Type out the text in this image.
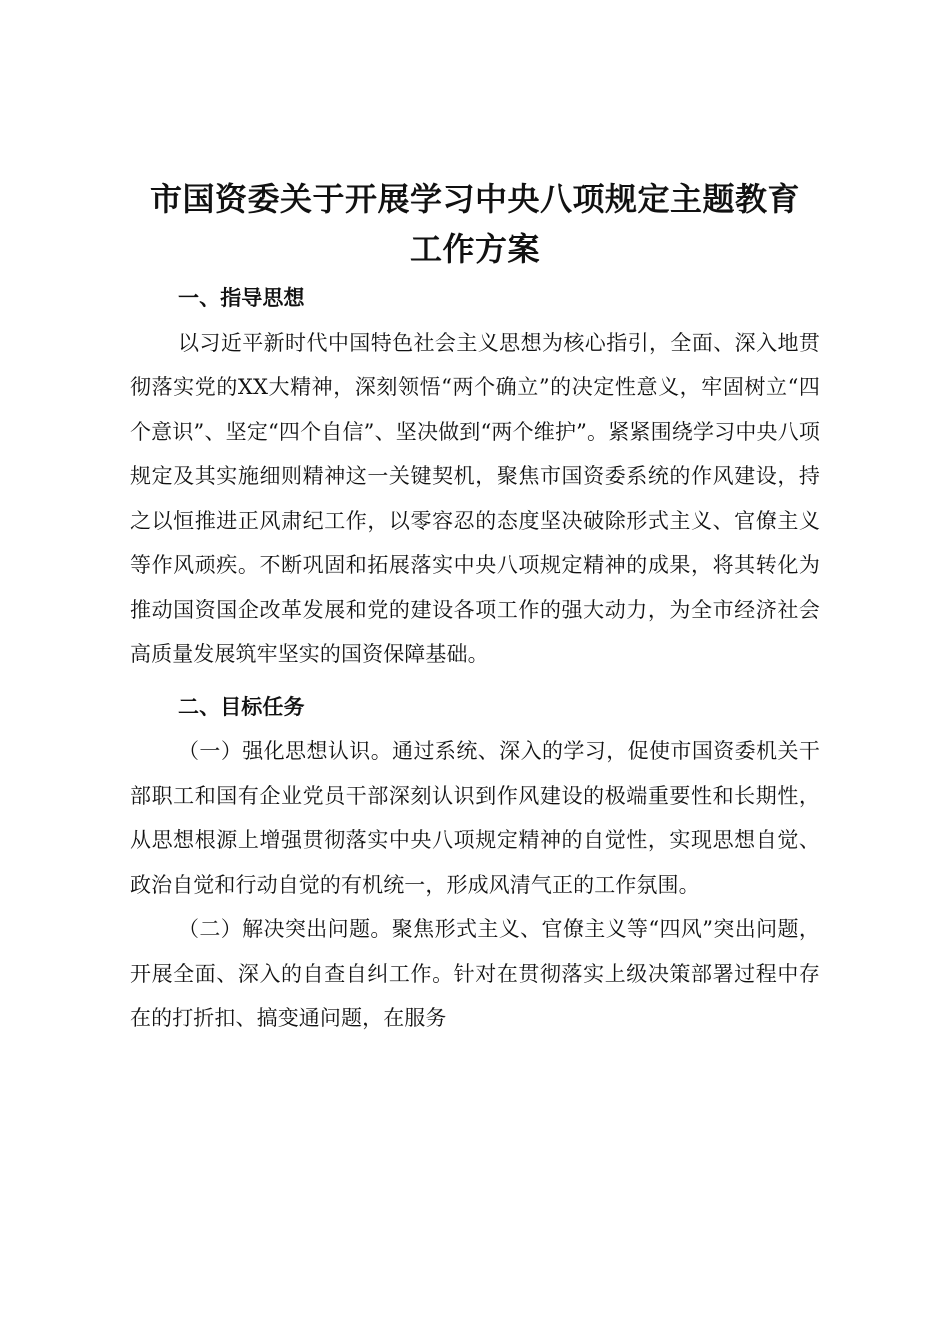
市国资委关于开展学习中央八项规定主题教育
工作方案
一、指导思想

以习近平新时代中国特色社会主义思想为核心指引，全面、深入地贯彻落实党的XX大精神，深刻领悟“两个确立”的决定性意义，牢固树立“四个意识”、坚定“四个自信”、坚决做到“两个维护”。紧紧围绕学习中央八项规定及其实施细则精神这一关键契机，聚焦市国资委系统的作风建设，持之以恒推进正风肃纪工作，以零容忍的态度坚决破除形式主义、官僚主义等作风顽疾。不断巩固和拓展落实中央八项规定精神的成果，将其转化为推动国资国企改革发展和党的建设各项工作的强大动力，为全市经济社会高质量发展筑牢坚实的国资保障基础。

二、目标任务

（一）强化思想认识。通过系统、深入的学习，促使市国资委机关干部职工和国有企业党员干部深刻认识到作风建设的极端重要性和长期性，从思想根源上增强贯彻落实中央八项规定精神的自觉性，实现思想自觉、政治自觉和行动自觉的有机统一，形成风清气正的工作氛围。

（二）解决突出问题。聚焦形式主义、官僚主义等“四风”突出问题，开展全面、深入的自查自纠工作。针对在贯彻落实上级决策部署过程中存在的打折扣、搞变通问题，在服务
